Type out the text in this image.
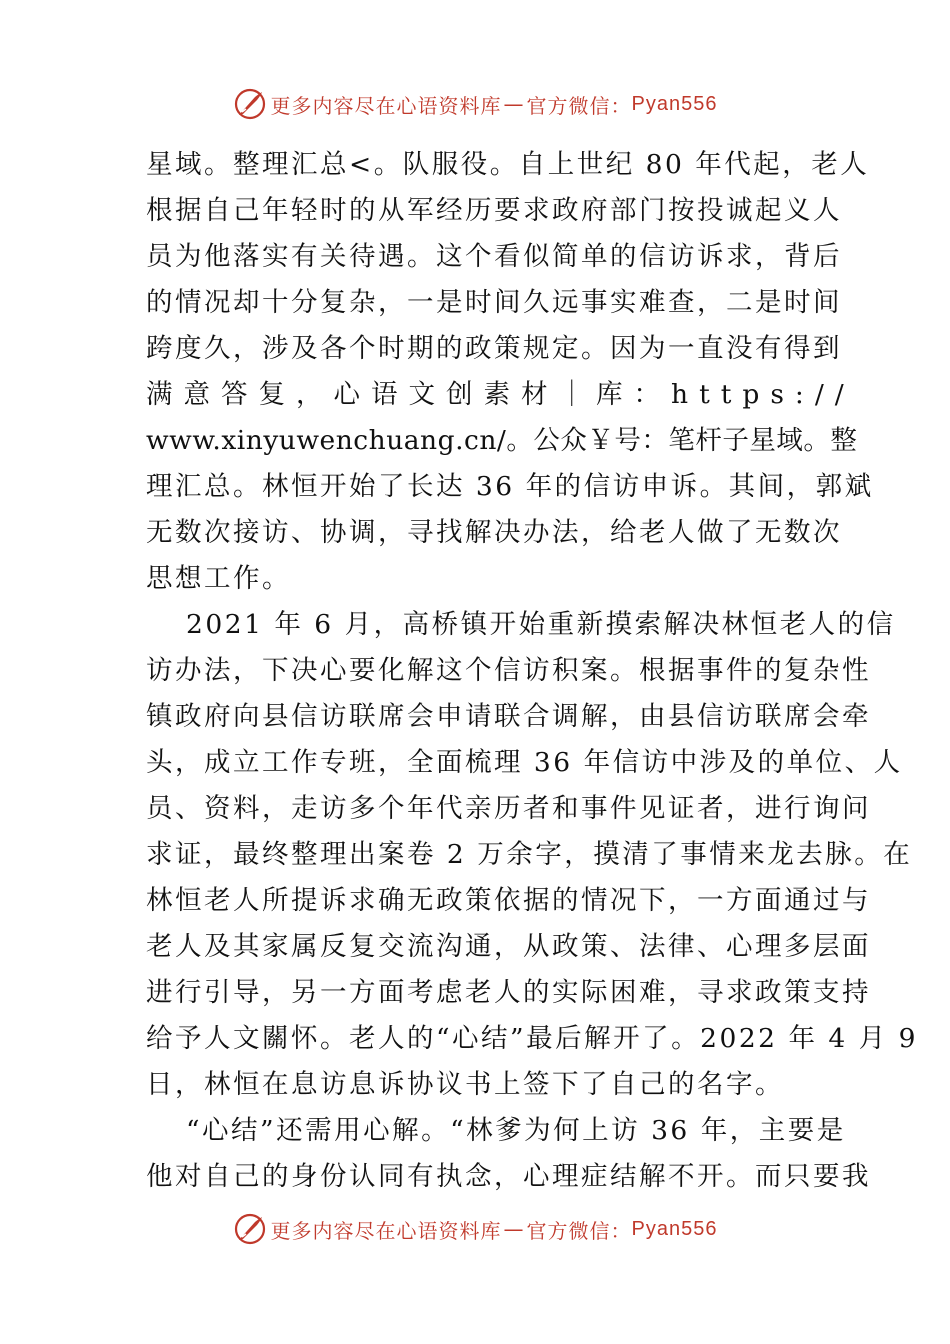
更多内容尽在心语资料库 — 官方微信： Pyan556
星域。整理汇总<。队服役。自上世纪 80 年代起，老人
根据自己年轻时的从军经历要求政府部门按投诚起义人
员为他落实有关待遇。这个看似简单的信访诉求，背后
的情况却十分复杂，一是时间久远事实难查，二是时间
跨度久，涉及各个时期的政策规定。因为一直没有得到
满意答复，心语文创素材｜库：https://
www.xinyuwenchuang.cn/。公众￥号：笔杆子星域。整
理汇总。林恒开始了长达 36 年的信访申诉。其间，郭斌
无数次接访、协调，寻找解决办法，给老人做了无数次
思想工作。
2021 年 6 月，高桥镇开始重新摸索解决林恒老人的信
访办法，下决心要化解这个信访积案。根据事件的复杂性
镇政府向县信访联席会申请联合调解，由县信访联席会牵
头，成立工作专班，全面梳理 36 年信访中涉及的单位、人
员、资料，走访多个年代亲历者和事件见证者，进行询问
求证，最终整理出案卷 2 万余字，摸清了事情来龙去脉。在
林恒老人所提诉求确无政策依据的情况下，一方面通过与
老人及其家属反复交流沟通，从政策、法律、心理多层面
进行引导，另一方面考虑老人的实际困难，寻求政策支持
给予人文關怀。老人的“心结”最后解开了。2022 年 4 月 9
日，林恒在息访息诉协议书上签下了自己的名字。
“心结”还需用心解。“林爹为何上访 36 年，主要是
他对自己的身份认同有执念，心理症结解不开。而只要我
更多内容尽在心语资料库 — 官方微信： Pyan556
